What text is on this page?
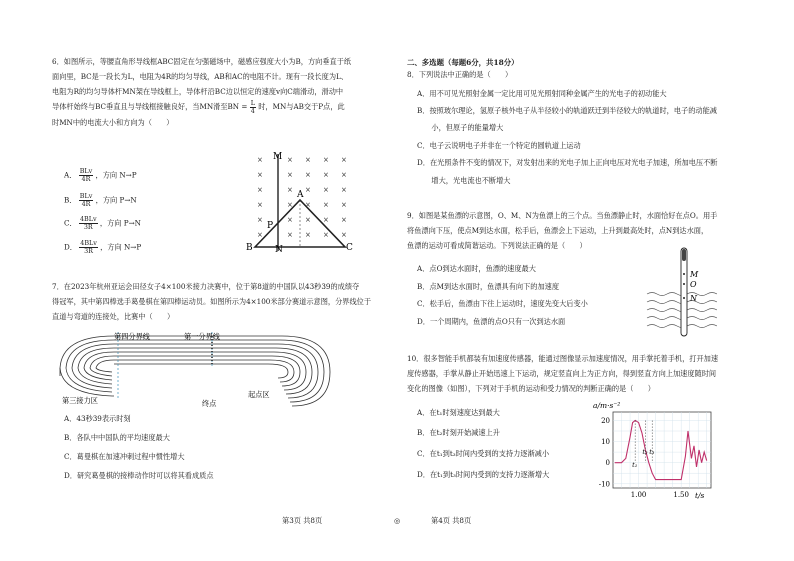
6．如图所示，等腰直角形导线框ABC固定在匀强磁场中，磁感应强度大小为B，方向垂直于纸

面向里，BC是一段长为L，电阻为4R的均匀导线，AB和AC的电阻不计。现有一段长度为L、

电阻为R的均匀导体杆MN架在导线框上，导体杆沿BC边以恒定的速度v向C端滑动，滑动中

导体杆始终与BC垂直且与导线框接触良好，当MN滑至BN = $\frac{L}{4}$ 时，MN与AB交于P点，此

时MN中的电流大小和方向为（　　）

A． $\frac{\text{BLv}}{4R}$ ，方向 N→P
B． $\frac{\text{BLv}}{4R}$ ，方向 P→N
C． $\frac{\text{4BLv}}{3R}$ ，方向 P→N
D． $\frac{\text{4BLv}}{3R}$ ，方向 N→P
×	× × × ×
×	× × × ×
×	× × × ×
×	× × × ×
×	× × × ×
×	× × × ×
M
A
P
B N	C

7．在2023年杭州亚运会田径女子4×100米接力决赛中，位于第8道的中国队以43秒39的成绩夺

得冠军，其中第四棒选手葛曼棋在第四棒运动员。如图所示为4×100米部分赛道示意图，分界线位于

直道与弯道的连接处，比赛中（　　）

第四分界线	第一分界线
第三接力区	终点
起点区
A．43秒39表示时刻
B．各队中中国队的平均速度最大
C．葛曼棋在加速冲刺过程中惯性增大
D．研究葛曼棋的接棒动作时可以将其看成质点
第3页 共8页	◎
二、多选题（每题6分，共18分）
8．下列说法中正确的是（　　）
A．用不可见光照射金属一定比用可见光照射同种金属产生的光电子的初动能大
B．按照玻尔理论，氢原子核外电子从半径较小的轨道跃迁到半径较大的轨道时，电子的动能减
　　小，但原子的能量增大
C．电子云说明电子并非在一个特定的圆轨道上运动
D．在光照条件不变的情况下，对发射出来的光电子加上正向电压对光电子加速，所加电压不断
　　增大，光电流也不断增大

9．如图是某鱼漂的示意图，O、M、N为鱼漂上的三个点。当鱼漂静止时，水面恰好在点O。用手

将鱼漂向下压，使点M到达水面，松手后，鱼漂会上下运动，上升到最高处时，点N到达水面，

鱼漂的运动可看成简谐运动。下列说法正确的是（　　）

A．点O到达水面时，鱼漂的速度最大
B．点M到达水面时，鱼漂具有向下的加速度
C．松手后，鱼漂由下往上运动时，速度先变大后变小
D．一个周期内，鱼漂的点O只有一次到达水面
M
O
N

10．很多智能手机都装有加速度传感器，能通过图像显示加速度情况，用手掌托着手机，打开加速

度传感器，手掌从静止开始迅速上下运动，规定竖直向上为正方向，得到竖直方向上加速度随时间

变化的图像（如图），下列对于手机的运动和受力情况的判断正确的是（　　）

A．在t₁时刻速度达到最大
B．在t₂时刻开始减速上升
C．在t₁到t₃时间内受到的支持力逐渐减小
D．在t₁到t₃时间内受到的支持力逐渐增大
a/m·s⁻²
t/s
20
10
0
-10
1.00	1.50
t₁
t₂ t₃
第4页 共8页
